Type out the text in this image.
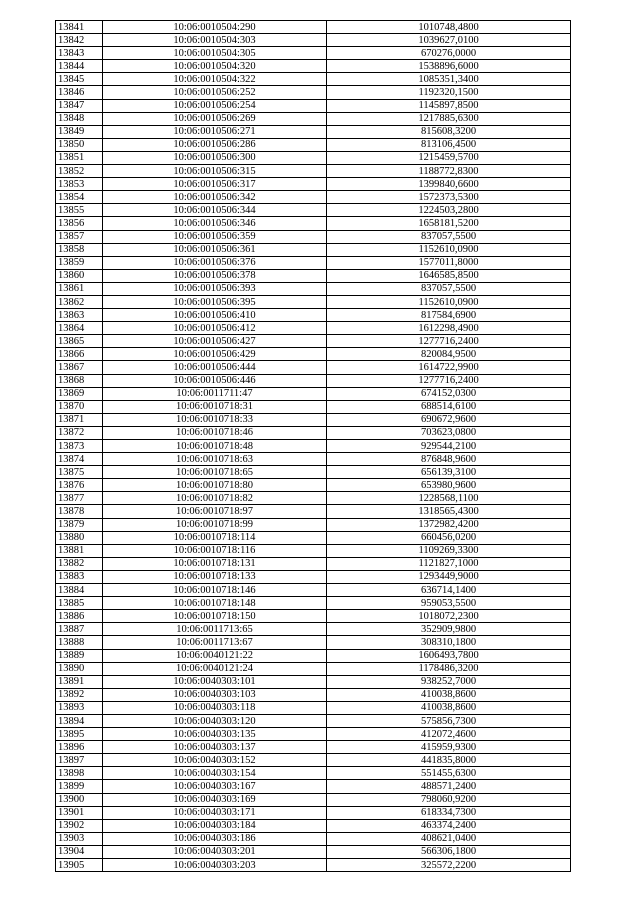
13841	10:06:0010504:290	1010748,4800
13842	10:06:0010504:303	1039627,0100
13843	10:06:0010504:305	670276,0000
13844	10:06:0010504:320	1538896,6000
13845	10:06:0010504:322	1085351,3400
13846	10:06:0010506:252	1192320,1500
13847	10:06:0010506:254	1145897,8500
13848	10:06:0010506:269	1217885,6300
13849	10:06:0010506:271	815608,3200
13850	10:06:0010506:286	813106,4500
13851	10:06:0010506:300	1215459,5700
13852	10:06:0010506:315	1188772,8300
13853	10:06:0010506:317	1399840,6600
13854	10:06:0010506:342	1572373,5300
13855	10:06:0010506:344	1224503,2800
13856	10:06:0010506:346	1658181,5200
13857	10:06:0010506:359	837057,5500
13858	10:06:0010506:361	1152610,0900
13859	10:06:0010506:376	1577011,8000
13860	10:06:0010506:378	1646585,8500
13861	10:06:0010506:393	837057,5500
13862	10:06:0010506:395	1152610,0900
13863	10:06:0010506:410	817584,6900
13864	10:06:0010506:412	1612298,4900
13865	10:06:0010506:427	1277716,2400
13866	10:06:0010506:429	820084,9500
13867	10:06:0010506:444	1614722,9900
13868	10:06:0010506:446	1277716,2400
13869	10:06:0011711:47	674152,0300
13870	10:06:0010718:31	688514,6100
13871	10:06:0010718:33	690672,9600
13872	10:06:0010718:46	703623,0800
13873	10:06:0010718:48	929544,2100
13874	10:06:0010718:63	876848,9600
13875	10:06:0010718:65	656139,3100
13876	10:06:0010718:80	653980,9600
13877	10:06:0010718:82	1228568,1100
13878	10:06:0010718:97	1318565,4300
13879	10:06:0010718:99	1372982,4200
13880	10:06:0010718:114	660456,0200
13881	10:06:0010718:116	1109269,3300
13882	10:06:0010718:131	1121827,1000
13883	10:06:0010718:133	1293449,9000
13884	10:06:0010718:146	636714,1400
13885	10:06:0010718:148	959053,5500
13886	10:06:0010718:150	1018072,2300
13887	10:06:0011713:65	352909,9800
13888	10:06:0011713:67	308310,1800
13889	10:06:0040121:22	1606493,7800
13890	10:06:0040121:24	1178486,3200
13891	10:06:0040303:101	938252,7000
13892	10:06:0040303:103	410038,8600
13893	10:06:0040303:118	410038,8600
13894	10:06:0040303:120	575856,7300
13895	10:06:0040303:135	412072,4600
13896	10:06:0040303:137	415959,9300
13897	10:06:0040303:152	441835,8000
13898	10:06:0040303:154	551455,6300
13899	10:06:0040303:167	488571,2400
13900	10:06:0040303:169	798060,9200
13901	10:06:0040303:171	618334,7300
13902	10:06:0040303:184	463374,2400
13903	10:06:0040303:186	408621,0400
13904	10:06:0040303:201	566306,1800
13905	10:06:0040303:203	325572,2200
